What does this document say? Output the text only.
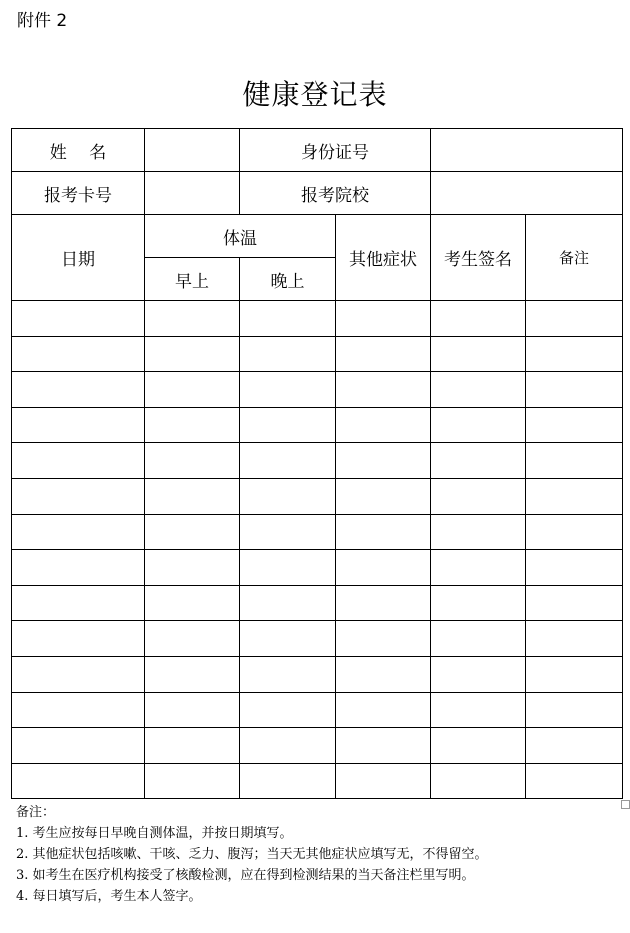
附件 2
健康登记表
姓　 名		身份证号			
报考卡号		报考院校			
日期	体温		其他症状	考生签名	备注
	早上	晚上			

备注：
1. 考生应按每日早晚自测体温，并按日期填写。
2. 其他症状包括咳嗽、干咳、乏力、腹泻；当天无其他症状应填写无，不得留空。
3. 如考生在医疗机构接受了核酸检测，应在得到检测结果的当天备注栏里写明。
4. 每日填写后，考生本人签字。
